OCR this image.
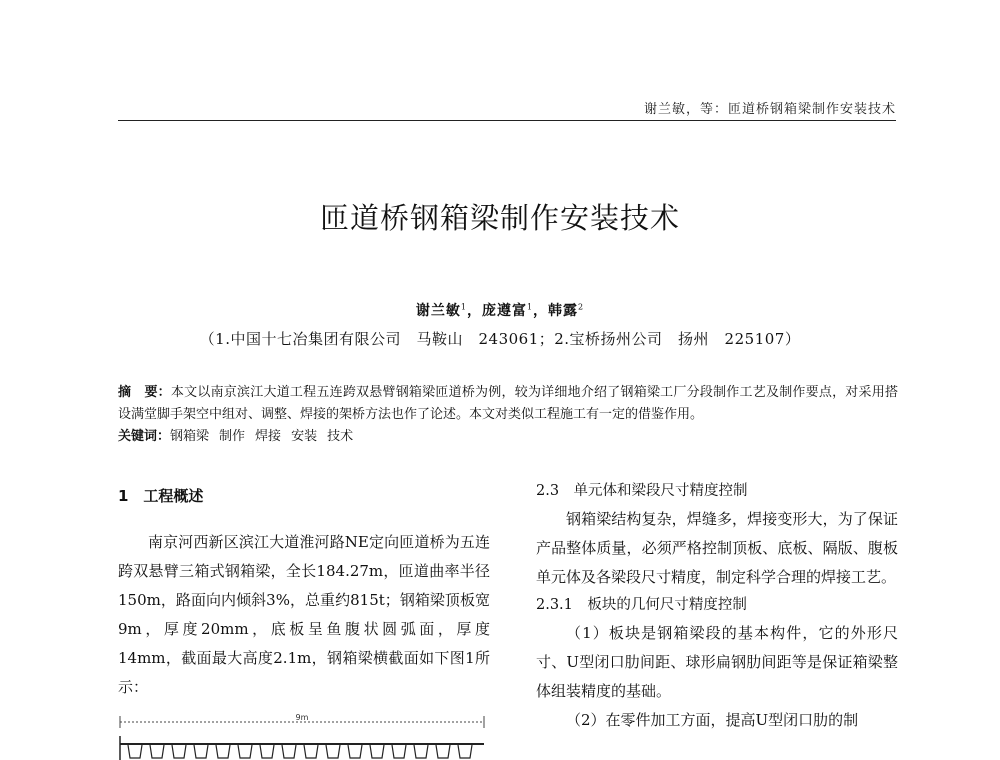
谢兰敏，等：匝道桥钢箱梁制作安装技术
匝道桥钢箱梁制作安装技术
谢兰敏$^1$，庞遵富$^1$，韩露$^2$
（1.中国十七冶集团有限公司　马鞍山　243061；2.宝桥扬州公司　扬州　225107）
摘　要：本文以南京滨江大道工程五连跨双悬臂钢箱梁匝道桥为例，较为详细地介绍了钢箱梁工厂分段制作工艺及制作要点，对采用搭设满堂脚手架空中组对、调整、焊接的架桥方法也作了论述。本文对类似工程施工有一定的借鉴作用。
关键词：钢箱梁 制作 焊接 安装 技术
1　工程概述

南京河西新区滨江大道淮河路NE定向匝道桥为五连跨双悬臂三箱式钢箱梁，全长184.27m，匝道曲率半径150m，路面向内倾斜3%，总重约815t；钢箱梁顶板宽9m，厚度20mm，底板呈鱼腹状圆弧面，厚度14mm，截面最大高度2.1m，钢箱梁横截面如下图1所示：

2.3　单元体和梁段尺寸精度控制

钢箱梁结构复杂，焊缝多，焊接变形大，为了保证产品整体质量，必须严格控制顶板、底板、隔版、腹板单元体及各梁段尺寸精度，制定科学合理的焊接工艺。

2.3.1　板块的几何尺寸精度控制

（1）板块是钢箱梁段的基本构件，它的外形尺寸、U型闭口肋间距、球形扁钢肋间距等是保证箱梁整体组装精度的基础。

（2）在零件加工方面，提高U型闭口肋的制

9m
